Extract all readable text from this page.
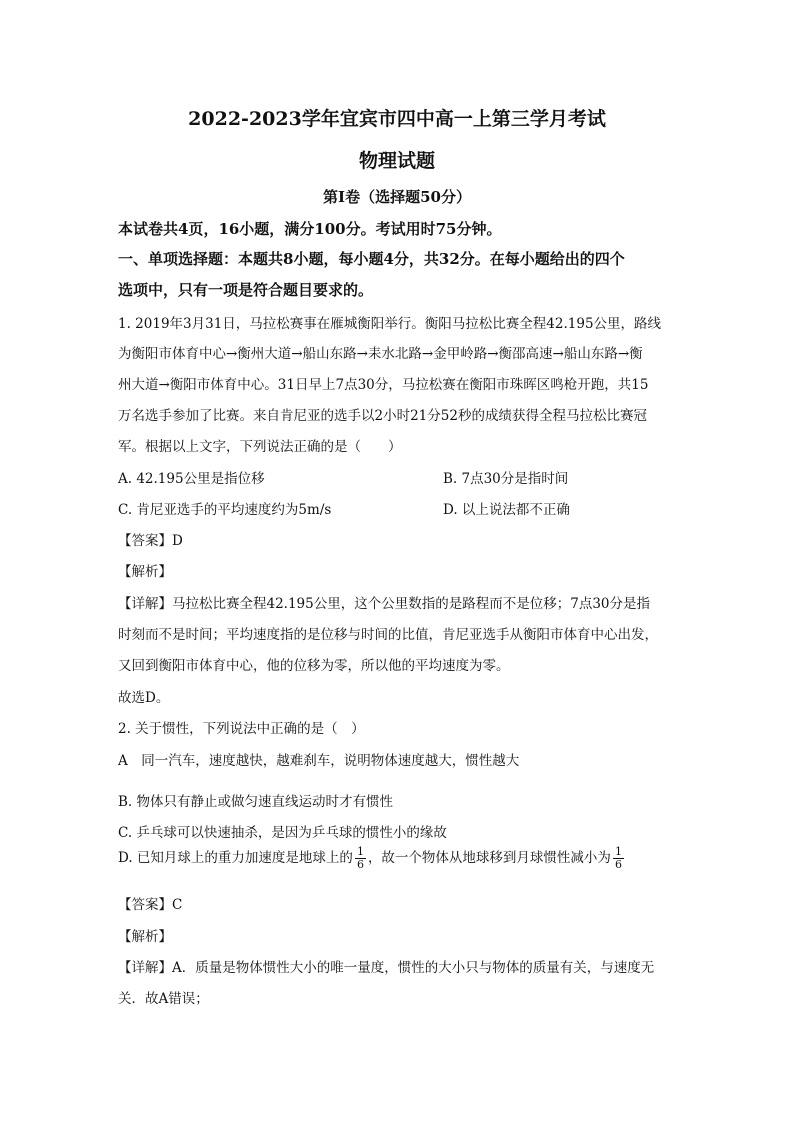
2022-2023学年宜宾市四中高一上第三学月考试
物理试题
第I卷（选择题50分）
本试卷共4页，16小题，满分100分。考试用时75分钟。
一、单项选择题：本题共8小题，每小题4分，共32分。在每小题给出的四个
选项中，只有一项是符合题目要求的。
1. 2019年3月31日，马拉松赛事在雁城衡阳举行。衡阳马拉松比赛全程42.195公里，路线
为衡阳市体育中心→衡州大道→船山东路→耒水北路→金甲岭路→衡邵高速→船山东路→衡
州大道→衡阳市体育中心。31日早上7点30分，马拉松赛在衡阳市珠晖区鸣枪开跑，共15
万名选手参加了比赛。来自肯尼亚的选手以2小时21分52秒的成绩获得全程马拉松比赛冠
军。根据以上文字，下列说法正确的是（　　）
A. 42.195公里是指位移	B. 7点30分是指时间
C. 肯尼亚选手的平均速度约为5m/s	D. 以上说法都不正确
【答案】D
【解析】
【详解】马拉松比赛全程42.195公里，这个公里数指的是路程而不是位移；7点30分是指
时刻而不是时间；平均速度指的是位移与时间的比值，肯尼亚选手从衡阳市体育中心出发，
又回到衡阳市体育中心，他的位移为零，所以他的平均速度为零。
故选D。
2. 关于惯性，下列说法中正确的是（　）
A　同一汽车，速度越快，越难刹车，说明物体速度越大，惯性越大
B. 物体只有静止或做匀速直线运动时才有惯性
C. 乒乓球可以快速抽杀，是因为乒乓球的惯性小的缘故
D. 已知月球上的重力加速度是地球上的 $\frac{1}{6}$ ，故一个物体从地球移到月球惯性减小为 $\frac{1}{6}$
【答案】C
【解析】
【详解】A．质量是物体惯性大小的唯一量度，惯性的大小只与物体的质量有关，与速度无
关．故A错误；
